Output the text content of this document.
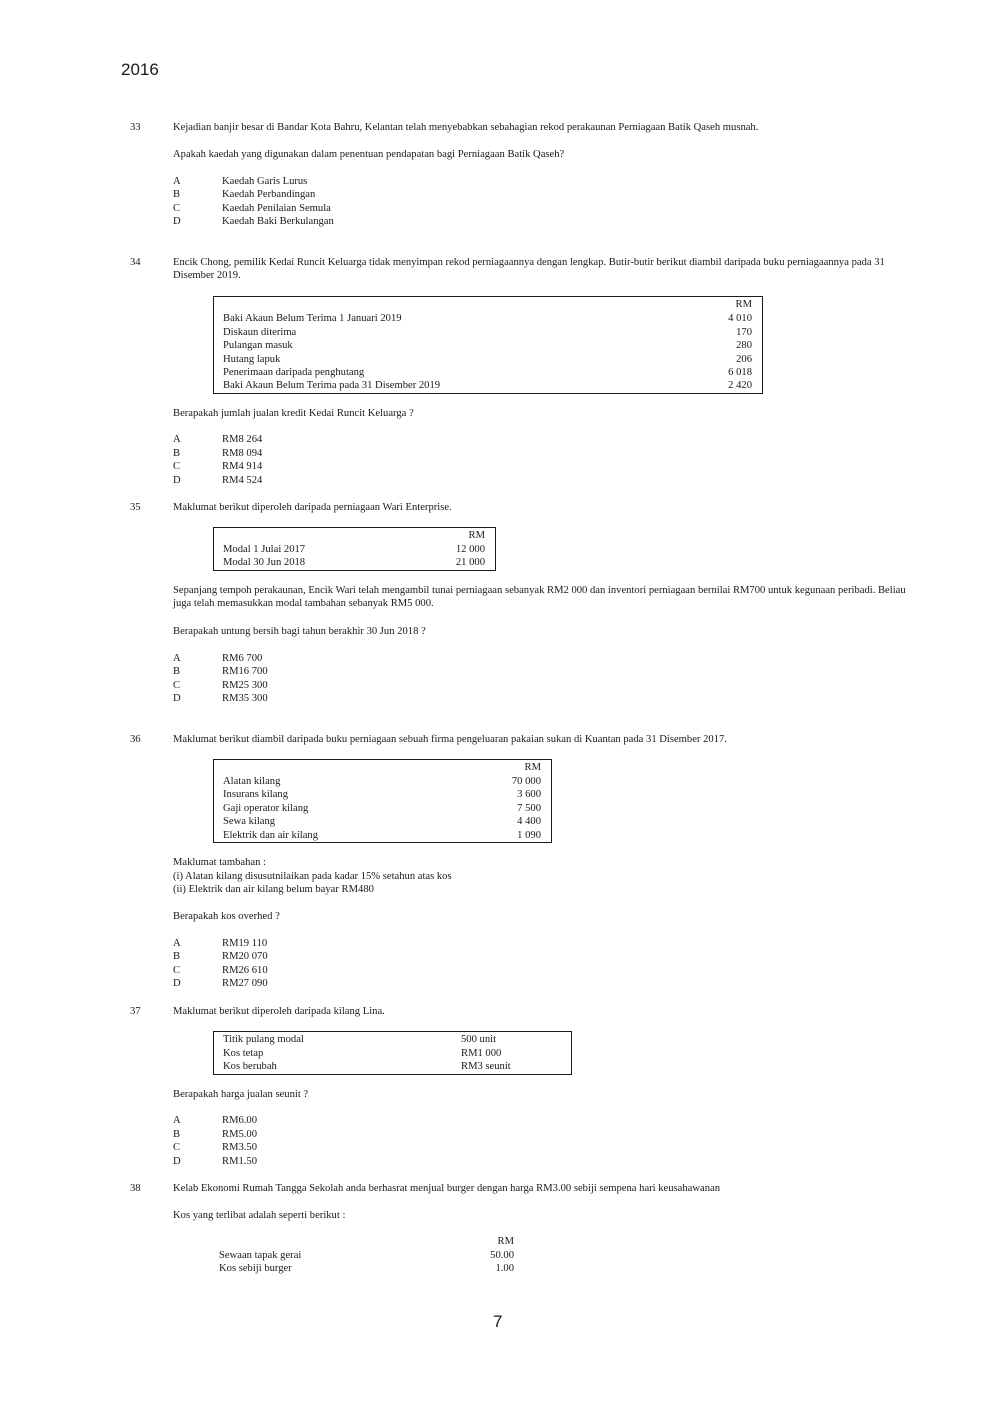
2016
7
33	Kejadian banjir besar di Bandar Kota Bahru, Kelantan telah menyebabkan sebahagian rekod perakaunan Perniagaan Batik Qaseh musnah.
Apakah kaedah yang digunakan dalam penentuan pendapatan bagi Perniagaan Batik Qaseh?
A	Kaedah Garis Lurus
B	Kaedah Perbandingan
C	Kaedah Penilaian Semula
D	Kaedah Baki Berkulangan
34	Encik Chong, pemilik Kedai Runcit Keluarga tidak menyimpan rekod perniagaannya dengan lengkap. Butir-butir berikut diambil daripada buku perniagaannya pada 31 Disember 2019.
RM
Baki Akaun Belum Terima 1 Januari 2019	4 010
Diskaun diterima	170
Pulangan masuk	280
Hutang lapuk	206
Penerimaan daripada penghutang	6 018
Baki Akaun Belum Terima pada 31 Disember 2019	2 420
Berapakah jumlah jualan kredit Kedai Runcit Keluarga ?
A	RM8 264
B	RM8 094
C	RM4 914
D	RM4 524
35	Maklumat berikut diperoleh daripada perniagaan Wari Enterprise.
RM
Modal 1 Julai 2017	12 000
Modal 30 Jun 2018	21 000
Sepanjang tempoh perakaunan, Encik Wari telah mengambil tunai perniagaan sebanyak RM2 000 dan inventori perniagaan bernilai RM700 untuk kegunaan peribadi. Beliau juga telah memasukkan modal tambahan sebanyak RM5 000.
Berapakah untung bersih bagi tahun berakhir 30 Jun 2018 ?
A	RM6 700
B	RM16 700
C	RM25 300
D	RM35 300
36	Maklumat berikut diambil daripada buku perniagaan sebuah firma pengeluaran pakaian sukan di Kuantan pada 31 Disember 2017.
RM
Alatan kilang	70 000
Insurans kilang	3 600
Gaji operator kilang	7 500
Sewa kilang	4 400
Elektrik dan air kilang	1 090
Maklumat tambahan :
(i) Alatan kilang disusutnilaikan pada kadar 15% setahun atas kos
(ii) Elektrik dan air kilang belum bayar RM480
Berapakah kos overhed ?
A	RM19 110
B	RM20 070
C	RM26 610
D	RM27 090
37	Maklumat berikut diperoleh daripada kilang Lina.
Titik pulang modal	500 unit
Kos tetap	RM1 000
Kos berubah	RM3 seunit
Berapakah harga jualan seunit ?
A	RM6.00
B	RM5.00
C	RM3.50
D	RM1.50
38	Kelab Ekonomi Rumah Tangga Sekolah anda berhasrat menjual burger dengan harga RM3.00 sebiji sempena hari keusahawanan
Kos yang terlibat adalah seperti berikut :
RM
Sewaan tapak gerai	50.00
Kos sebiji burger	1.00
